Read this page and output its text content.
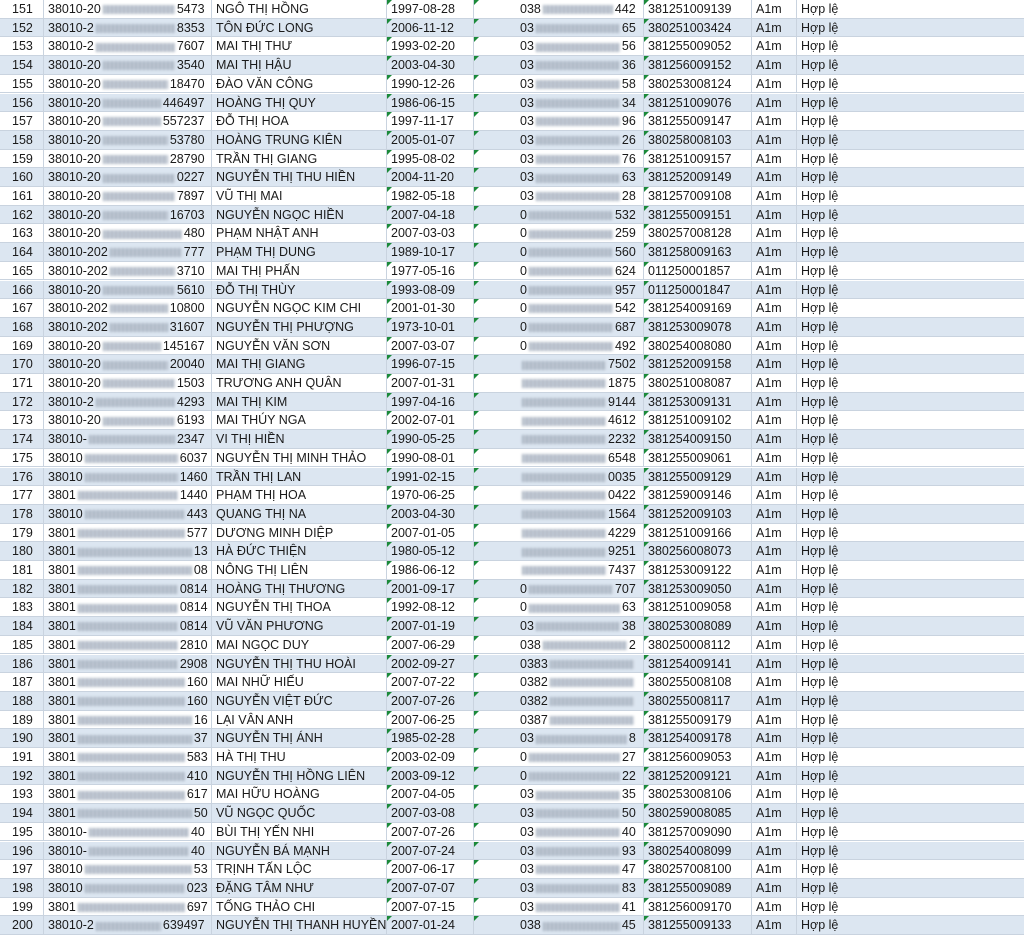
151	38010-20	5473 NGÔ THỊ HỒNG	1997-08-28	038	442 381251009139	A1m	Hợp lệ
152	38010-2	8353 TÔN ĐỨC LONG	2006-11-12	03	65 380251003424	A1m	Hợp lệ
153	38010-2	7607 MAI THỊ THƯ	1993-02-20	03	56 381255009052	A1m	Hợp lệ
154	38010-20	3540 MAI THỊ HẬU	2003-04-30	03	36 381256009152	A1m	Hợp lệ
155	38010-20	18470 ĐÀO VĂN CÔNG	1990-12-26	03	58 380253008124	A1m	Hợp lệ
156	38010-20	446497 HOÀNG THỊ QUY	1986-06-15	03	34 381251009076	A1m	Hợp lệ
157	38010-20	557237 ĐỖ THỊ HOA	1997-11-17	03	96 381255009147	A1m	Hợp lệ
158	38010-20	53780 HOÀNG TRUNG KIÊN	2005-01-07	03	26 380258008103	A1m	Hợp lệ
159	38010-20	28790 TRẦN THỊ GIANG	1995-08-02	03	76 381251009157	A1m	Hợp lệ
160	38010-20	0227 NGUYỄN THỊ THU HIỀN	2004-11-20	03	63 381252009149	A1m	Hợp lệ
161	38010-20	7897 VŨ THỊ MAI	1982-05-18	03	28 381257009108	A1m	Hợp lệ
162	38010-20	16703 NGUYỄN NGỌC HIỀN	2007-04-18	0	532 381255009151	A1m	Hợp lệ
163	38010-20	480 PHẠM NHẬT ANH	2007-03-03	0	259 380257008128	A1m	Hợp lệ
164	38010-202	777 PHẠM THỊ DUNG	1989-10-17	0	560 381258009163	A1m	Hợp lệ
165	38010-202	3710 MAI THỊ PHẤN	1977-05-16	0	624 011250001857	A1m	Hợp lệ
166	38010-20	5610 ĐỖ THỊ THÙY	1993-08-09	0	957 011250001847	A1m	Hợp lệ
167	38010-202	10800 NGUYỄN NGỌC KIM CHI	2001-01-30	0	542 381254009169	A1m	Hợp lệ
168	38010-202	31607 NGUYỄN THỊ PHƯỢNG	1973-10-01	0	687 381253009078	A1m	Hợp lệ
169	38010-20	145167 NGUYỄN VĂN SƠN	2007-03-07	0	492 380254008080	A1m	Hợp lệ
170	38010-20	20040 MAI THỊ GIANG	1996-07-15	7502 381252009158	A1m	Hợp lệ
171	38010-20	1503 TRƯƠNG ANH QUÂN	2007-01-31	1875 380251008087	A1m	Hợp lệ
172	38010-2	4293 MAI THỊ KIM	1997-04-16	9144 381253009131	A1m	Hợp lệ
173	38010-20	6193 MAI THÚY NGA	2002-07-01	4612 381251009102	A1m	Hợp lệ
174	38010-	2347 VI THỊ HIỀN	1990-05-25	2232 381254009150	A1m	Hợp lệ
175	38010	6037 NGUYỄN THỊ MINH THẢO	1990-08-01	6548 381255009061	A1m	Hợp lệ
176	38010	1460 TRẦN THỊ LAN	1991-02-15	0035 381255009129	A1m	Hợp lệ
177	3801	1440 PHẠM THỊ HOA	1970-06-25	0422 381259009146	A1m	Hợp lệ
178	38010	443 QUANG THỊ NA	2003-04-30	1564 381252009103	A1m	Hợp lệ
179	3801	577 DƯƠNG MINH DIỆP	2007-01-05	4229 381251009166	A1m	Hợp lệ
180	3801	13 HÀ ĐỨC THIỆN	1980-05-12	9251 380256008073	A1m	Hợp lệ
181	3801	08 NÔNG THỊ LIÊN	1986-06-12	7437 381253009122	A1m	Hợp lệ
182	3801	0814 HOÀNG THỊ THƯƠNG	2001-09-17	0	707 381253009050	A1m	Hợp lệ
183	3801	0814 NGUYỄN THỊ THOA	1992-08-12	0	63 381251009058	A1m	Hợp lệ
184	3801	0814 VŨ VĂN PHƯƠNG	2007-01-19	03	38 380253008089	A1m	Hợp lệ
185	3801	2810 MAI NGỌC DUY	2007-06-29	038	2 380250008112	A1m	Hợp lệ
186	3801	2908 NGUYỄN THỊ THU HOÀI	2002-09-27	0383	381254009141	A1m	Hợp lệ
187	3801	160 MAI NHỮ HIẾU	2007-07-22	0382	380255008108	A1m	Hợp lệ
188	3801	160 NGUYỄN VIỆT ĐỨC	2007-07-26	0382	380255008117	A1m	Hợp lệ
189	3801	16 LẠI VÂN ANH	2007-06-25	0387	381255009179	A1m	Hợp lệ
190	3801	37 NGUYỄN THỊ ÁNH	1985-02-28	03	8 381254009178	A1m	Hợp lệ
191	3801	583 HÀ THỊ THU	2003-02-09	0	27 381256009053	A1m	Hợp lệ
192	3801	410 NGUYỄN THỊ HỒNG LIÊN	2003-09-12	0	22 381252009121	A1m	Hợp lệ
193	3801	617 MAI HỮU HOÀNG	2007-04-05	03	35 380253008106	A1m	Hợp lệ
194	3801	50 VŨ NGỌC QUỐC	2007-03-08	03	50 380259008085	A1m	Hợp lệ
195	38010-	40 BÙI THỊ YẾN NHI	2007-07-26	03	40 381257009090	A1m	Hợp lệ
196	38010-	40 NGUYỄN BÁ MẠNH	2007-07-24	03	93 380254008099	A1m	Hợp lệ
197	38010	53 TRỊNH TẤN LỘC	2007-06-17	03	47 380257008100	A1m	Hợp lệ
198	38010	023 ĐẶNG TÂM NHƯ	2007-07-07	03	83 381255009089	A1m	Hợp lệ
199	3801	697 TỐNG THẢO CHI	2007-07-15	03	41 381256009170	A1m	Hợp lệ
200	38010-2	639497 NGUYỄN THỊ THANH HUYỀN 2007-01-24	038	45 381255009133	A1m	Hợp lệ
